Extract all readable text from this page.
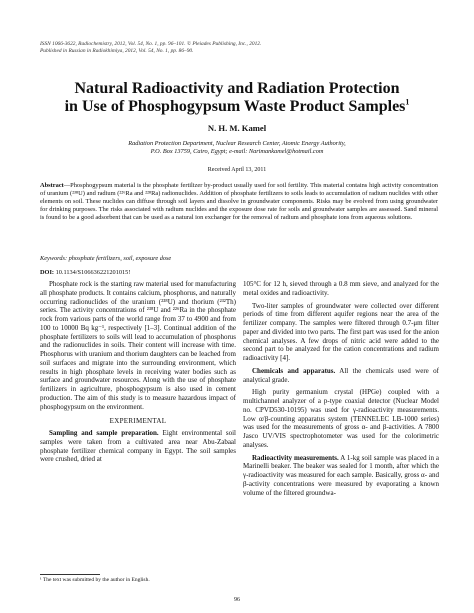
ISSN 1066-3622, Radiochemistry, 2012, Vol. 54, No. 1, pp. 96–101. © Pleiades Publishing, Inc., 2012.
Published in Russian in Radiokhimiya, 2012, Vol. 54, No. 1, pp. 86–90.
Natural Radioactivity and Radiation Protection
in Use of Phosphogypsum Waste Product Samples$^1$
N. H. M. Kamel
Radiation Protection Department, Nuclear Research Center, Atomic Energy Authority,
P.O. Box 13759, Cairo, Egypt; e-mail: Narimankamel@hotmail.com
Received April 13, 2011
Abstract—Phosphogypsum material is the phosphate fertilizer by-product usually used for soil fertility. This material contains high activity concentration of uranium (²³⁸U) and radium (²²⁶Ra and ²²⁸Ra) radionuclides. Addition of phosphate fertilizers to soils leads to accumulation of radium nuclides with other elements on soil. These nuclides can diffuse through soil layers and dissolve in groundwater components. Risks may be evolved from using groundwater for drinking purposes. The risks associated with radium nuclides and the exposure dose rate for soils and groundwater samples are assessed. Sand mineral is found to be a good adsorbent that can be used as a natural ion exchanger for the removal of radium and phosphate ions from aqueous solutions.
Keywords: phosphate fertilizers, soil, exposure dose
DOI: 10.1134/S106636221201015!

Phosphate rock is the starting raw material used for manufacturing all phosphate products. It contains calcium, phosphorus, and naturally occurring radionuclides of the uranium (²³⁸U) and thorium (²³²Th) series. The activity concentrations of ²³⁸U and ²²⁶Ra in the phosphate rock from various parts of the world range from 37 to 4900 and from 100 to 10000 Bq kg⁻¹, respectively [1–3]. Continual addition of the phosphate fertilizers to soils will lead to accumulation of phosphorus and the radionuclides in soils. Their content will increase with time. Phosphorus with uranium and thorium daughters can be leached from soil surfaces and migrate into the surrounding environment, which results in high phosphate levels in receiving water bodies such as surface and groundwater resources. Along with the use of phosphate fertilizers in agriculture, phosphogypsum is also used in cement production. The aim of this study is to measure hazardous impact of phosphogypsum on the environment.

EXPERIMENTAL

Sampling and sample preparation. Eight environmental soil samples were taken from a cultivated area near Abu-Zabaal phosphate fertilizer chemical company in Egypt. The soil samples were crushed, dried at

105°C for 12 h, sieved through a 0.8 mm sieve, and analyzed for the metal oxides and radioactivity.

Two-liter samples of groundwater were collected over different periods of time from different aquifer regions near the area of the fertilizer company. The samples were filtered through 0.7-μm filter paper and divided into two parts. The first part was used for the anion chemical analyses. A few drops of nitric acid were added to the second part to be analyzed for the cation concentrations and radium radioactivity [4].

Chemicals and apparatus. All the chemicals used were of analytical grade.

High purity germanium crystal (HPGe) coupled with a multichannel analyzer of a p-type coaxial detector (Nuclear Model no. CPVD530-10195) was used for γ-radioactivity measurements. Low α/β-counting apparatus system (TENNELEC LB-1000 series) was used for the measurements of gross α- and β-activities. A 7800 Jasco UV/VIS spectrophotometer was used for the colorimetric analyses.

Radioactivity measurements. A 1-kg soil sample was placed in a Marinelli beaker. The beaker was sealed for 1 month, after which the γ-radioactivity was measured for each sample. Basically, gross α- and β-activity concentrations were measured by evaporating a known volume of the filtered groundwa-

¹ The text was submitted by the author in English.
96
